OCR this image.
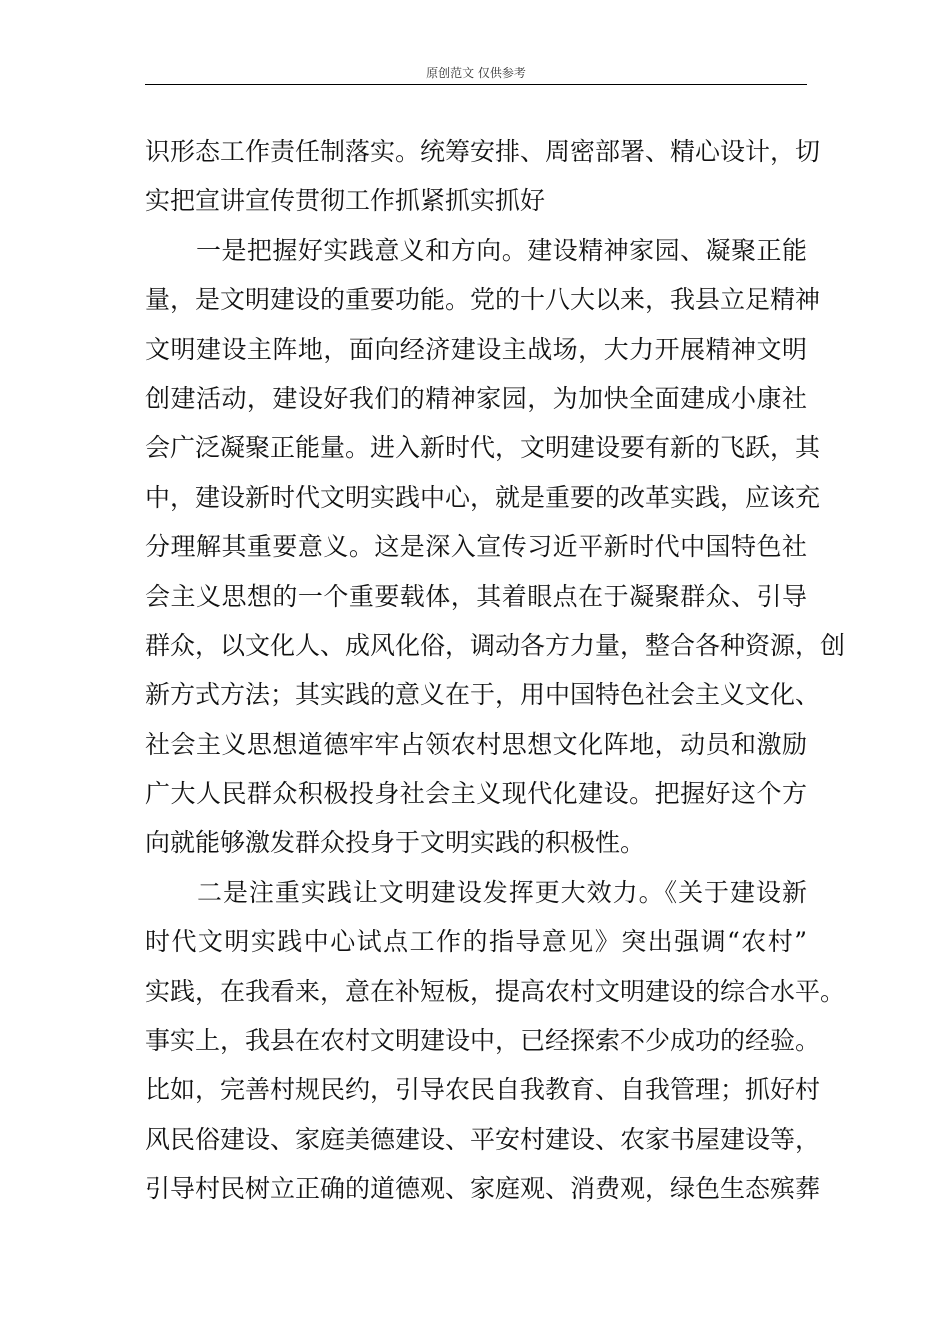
原创范文 仅供参考
识形态工作责任制落实。统筹安排、周密部署、精心设计，切
实把宣讲宣传贯彻工作抓紧抓实抓好
　　一是把握好实践意义和方向。建设精神家园、凝聚正能
量，是文明建设的重要功能。党的十八大以来，我县立足精神
文明建设主阵地，面向经济建设主战场，大力开展精神文明
创建活动，建设好我们的精神家园，为加快全面建成小康社
会广泛凝聚正能量。进入新时代，文明建设要有新的飞跃，其
中，建设新时代文明实践中心，就是重要的改革实践，应该充
分理解其重要意义。这是深入宣传习近平新时代中国特色社
会主义思想的一个重要载体，其着眼点在于凝聚群众、引导
群众，以文化人、成风化俗，调动各方力量，整合各种资源，创
新方式方法；其实践的意义在于，用中国特色社会主义文化、
社会主义思想道德牢牢占领农村思想文化阵地，动员和激励
广大人民群众积极投身社会主义现代化建设。把握好这个方
向就能够激发群众投身于文明实践的积极性。
　　二是注重实践让文明建设发挥更大效力。《关于建设新
时代文明实践中心试点工作的指导意见》突出强调“农村”
实践，在我看来，意在补短板，提高农村文明建设的综合水平。
事实上，我县在农村文明建设中，已经探索不少成功的经验。
比如，完善村规民约，引导农民自我教育、自我管理；抓好村
风民俗建设、家庭美德建设、平安村建设、农家书屋建设等，
引导村民树立正确的道德观、家庭观、消费观，绿色生态殡葬
